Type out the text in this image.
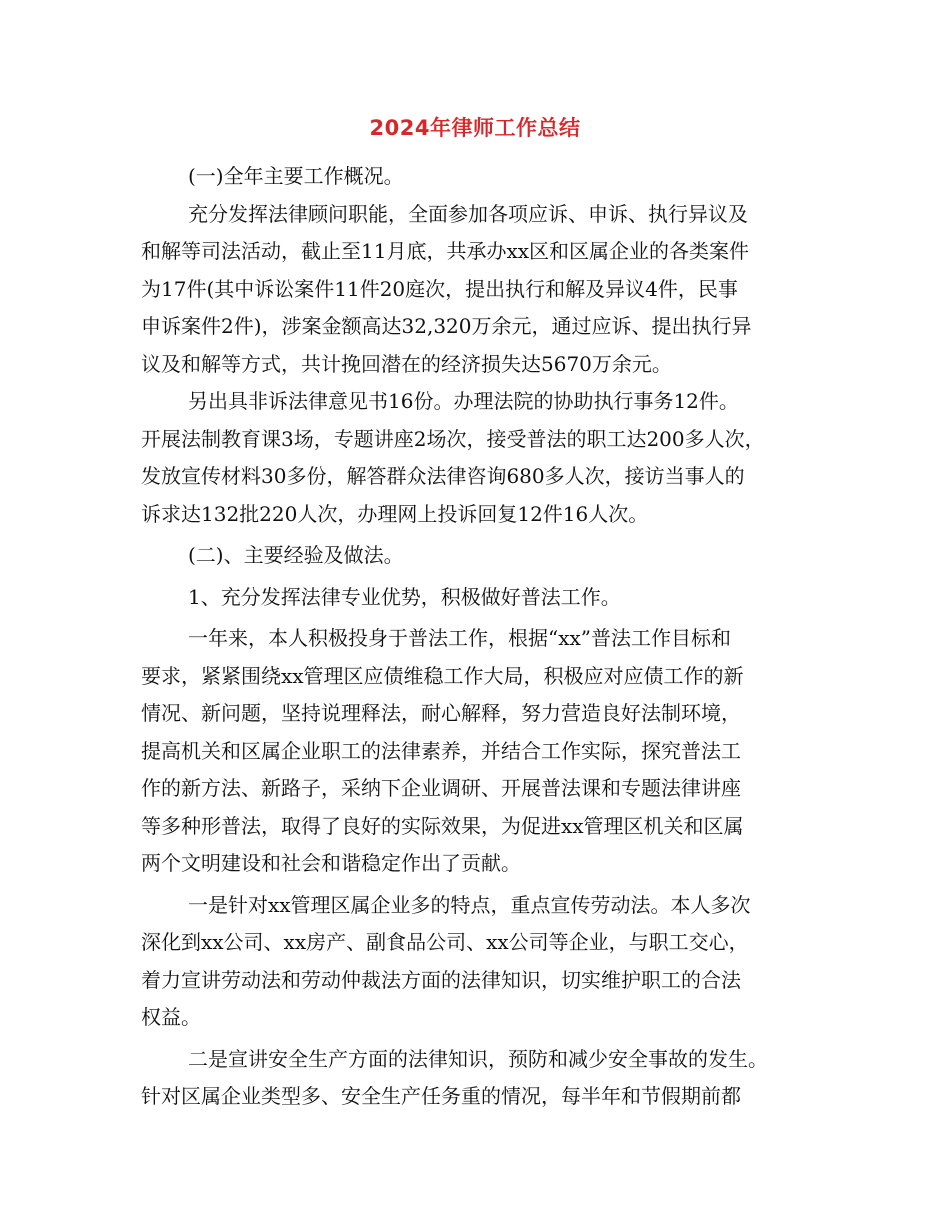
2024年律师工作总结
(一)全年主要工作概况。
充分发挥法律顾问职能，全面参加各项应诉、申诉、执行异议及
和解等司法活动，截止至11月底，共承办xx区和区属企业的各类案件
为17件(其中诉讼案件11件20庭次，提出执行和解及异议4件，民事
申诉案件2件)，涉案金额高达32,320万余元，通过应诉、提出执行异
议及和解等方式，共计挽回潜在的经济损失达5670万余元。
另出具非诉法律意见书16份。办理法院的协助执行事务12件。
开展法制教育课3场，专题讲座2场次，接受普法的职工达200多人次，
发放宣传材料30多份，解答群众法律咨询680多人次，接访当事人的
诉求达132批220人次，办理网上投诉回复12件16人次。
(二)、主要经验及做法。
1、充分发挥法律专业优势，积极做好普法工作。
一年来，本人积极投身于普法工作，根据“xx”普法工作目标和
要求，紧紧围绕xx管理区应债维稳工作大局，积极应对应债工作的新
情况、新问题，坚持说理释法，耐心解释，努力营造良好法制环境，
提高机关和区属企业职工的法律素养，并结合工作实际，探究普法工
作的新方法、新路子，采纳下企业调研、开展普法课和专题法律讲座
等多种形普法，取得了良好的实际效果，为促进xx管理区机关和区属
两个文明建设和社会和谐稳定作出了贡献。
一是针对xx管理区属企业多的特点，重点宣传劳动法。本人多次
深化到xx公司、xx房产、副食品公司、xx公司等企业，与职工交心，
着力宣讲劳动法和劳动仲裁法方面的法律知识，切实维护职工的合法
权益。
二是宣讲安全生产方面的法律知识，预防和减少安全事故的发生。
针对区属企业类型多、安全生产任务重的情况，每半年和节假期前都
